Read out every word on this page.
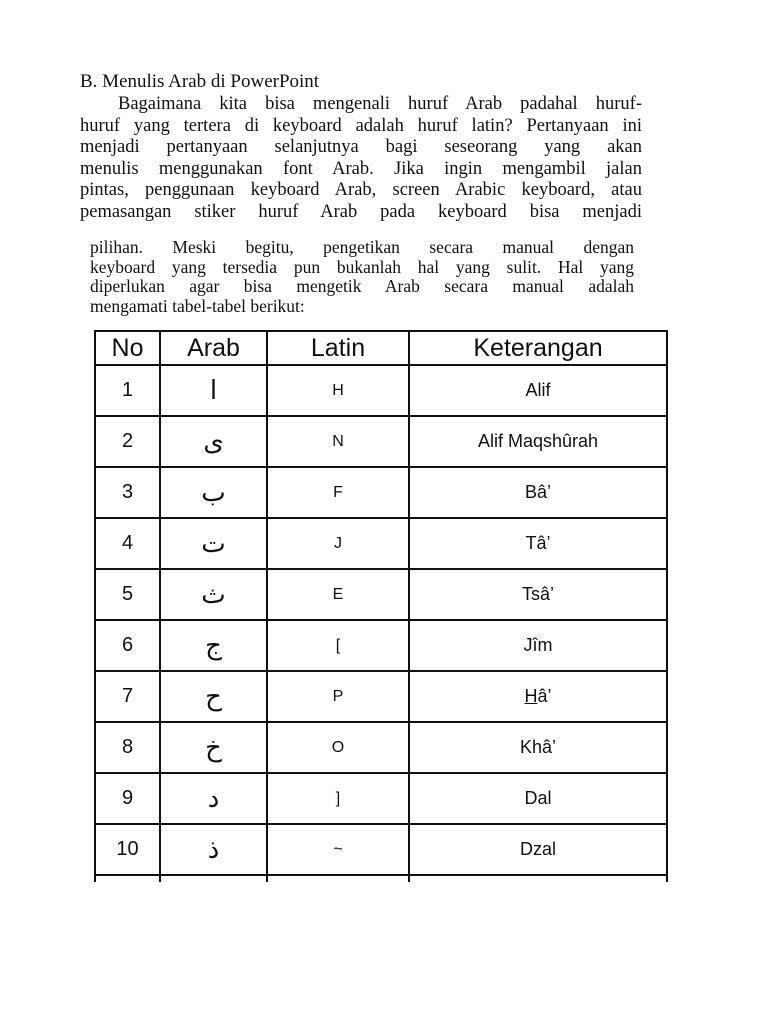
B. Menulis Arab di PowerPoint
Bagaimana kita bisa mengenali huruf Arab padahal huruf-
huruf yang tertera di keyboard adalah huruf latin? Pertanyaan ini
menjadi pertanyaan selanjutnya bagi seseorang yang akan
menulis menggunakan font Arab. Jika ingin mengambil jalan
pintas, penggunaan keyboard Arab, screen Arabic keyboard, atau
pemasangan stiker huruf Arab pada keyboard bisa menjadi
pilihan. Meski begitu, pengetikan secara manual dengan
keyboard yang tersedia pun bukanlah hal yang sulit. Hal yang
diperlukan agar bisa mengetik Arab secara manual adalah
mengamati tabel-tabel berikut:
No	Arab	Latin	Keterangan
1	ا	H	Alif
2	ى	N	Alif Maqshûrah
3	ب	F	Bâ’
4	ت	J	Tâ’
5	ث	E	Tsâ’
6	ج	[	Jîm
7	ح	P	Hâ’
8	خ	O	Khâ’
9	د	]	Dal
10	ذ	~	Dzal
